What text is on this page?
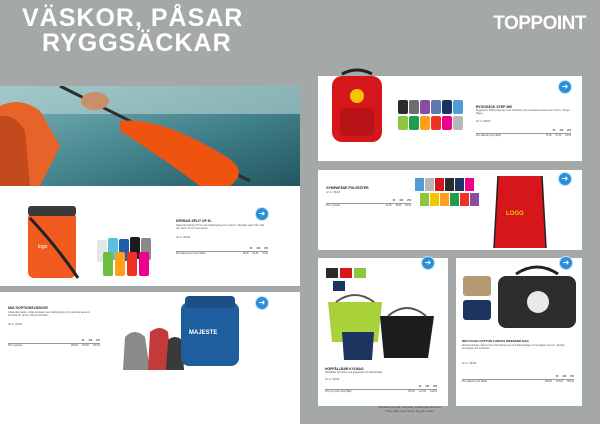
VÄSKOR, PÅSAR
RYGGSÄCKAR
TOPPOINT
logo
➜
DRYBAG SPLIT UP 5L
Vattentät dykbag i PVC med rullstängning och axelrem. Skyddar saker från väta och sand. Finns i flera färger.
Art.nr. 90040
50 100 250
Pris stående per styck (SEK)	98,50 94,50 91,00
➜
MULTIOPTIONSVÄSKOR
Vattentäta väskor i olika storlekar med rullstängning och justerbar axelrem. Perfekta för strand, båt och friluftsliv.
Art.nr. 90032
50 100 250
Pris i tryckpris	188,00 169,00 160,00
MAJESTE
➜
RYGGSÄCK STEP 365
Ryggsäck i 600D polyester med framficka och justerbara axelremmar. Finns i många färger.
Art.nr. 96290
50 100 250
Pris stående tryck (SEK)	72,00 67,00 63,00
GYMPAPÅSE POLYESTER
Art.nr. 95427
50 100 250
Pris i tryckpris	21,50 19,50 18,00
LOGO
➜
➜
HOPFÄLLBAR KYLBAG
Hopfällbar kylväska med dragkedja och bärhandtag.
Art.nr. 91810
50 100 250
Pris per tryckt styck (SEK)	155,00 147,00 142,00
➜
RECYCLED COTTON CANVAS WEEKEND BAG
Weekendväska i återvunnen bomullscanvas med läderdetaljer och avtagbar axelrem. Rymlig huvudfack och innerficka.
Art.nr. 95420
50 100 250
Pris stående tryck (SEK)	399,00 379,00 365,00
Standardtryck ingår i alla priser, fraktkostnad tillkommer.
Priser gäller tryck med en färg på en plats.
